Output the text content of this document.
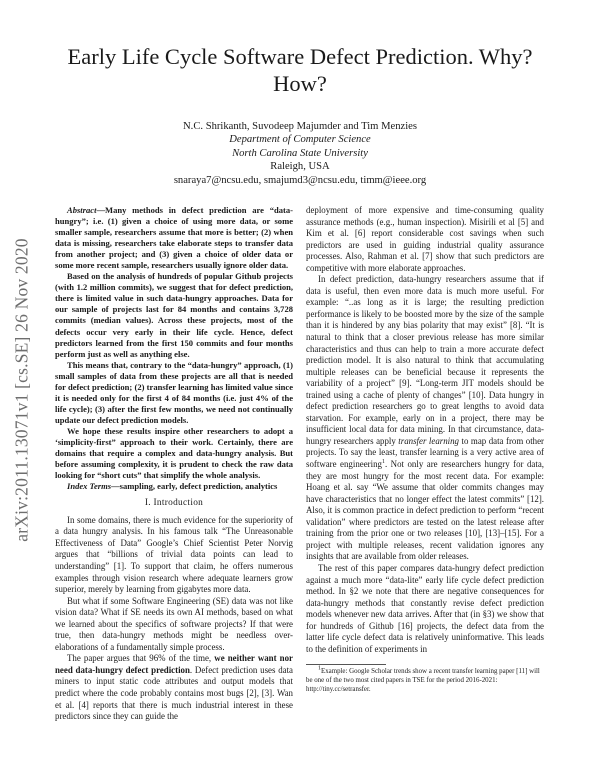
arXiv:2011.13071v1 [cs.SE] 26 Nov 2020
Early Life Cycle Software Defect Prediction. Why? How?
N.C. Shrikanth, Suvodeep Majumder and Tim Menzies
Department of Computer Science
North Carolina State University
Raleigh, USA
snaraya7@ncsu.edu, smajumd3@ncsu.edu, timm@ieee.org

Abstract—Many methods in defect prediction are “data-hungry”; i.e. (1) given a choice of using more data, or some smaller sample, researchers assume that more is better; (2) when data is missing, researchers take elaborate steps to transfer data from another project; and (3) given a choice of older data or some more recent sample, researchers usually ignore older data.

Based on the analysis of hundreds of popular Github projects (with 1.2 million commits), we suggest that for defect prediction, there is limited value in such data-hungry approaches. Data for our sample of projects last for 84 months and contains 3,728 commits (median values). Across these projects, most of the defects occur very early in their life cycle. Hence, defect predictors learned from the first 150 commits and four months perform just as well as anything else.

This means that, contrary to the “data-hungry” approach, (1) small samples of data from these projects are all that is needed for defect prediction; (2) transfer learning has limited value since it is needed only for the first 4 of 84 months (i.e. just 4% of the life cycle); (3) after the first few months, we need not continually update our defect prediction models.

We hope these results inspire other researchers to adopt a ‘simplicity-first” approach to their work. Certainly, there are domains that require a complex and data-hungry analysis. But before assuming complexity, it is prudent to check the raw data looking for “short cuts” that simplify the whole analysis.

Index Terms—sampling, early, defect prediction, analytics

I. Introduction

In some domains, there is much evidence for the superiority of a data hungry analysis. In his famous talk “The Unreasonable Effectiveness of Data” Google’s Chief Scientist Peter Norvig argues that “billions of trivial data points can lead to understanding” [1]. To support that claim, he offers numerous examples through vision research where adequate learners grow superior, merely by learning from gigabytes more data.

But what if some Software Engineering (SE) data was not like vision data? What if SE needs its own AI methods, based on what we learned about the specifics of software projects? If that were true, then data-hungry methods might be needless over-elaborations of a fundamentally simple process.

The paper argues that 96% of the time, we neither want nor need data-hungry defect prediction. Defect prediction uses data miners to input static code attributes and output models that predict where the code probably contains most bugs [2], [3]. Wan et al. [4] reports that there is much industrial interest in these predictors since they can guide the

deployment of more expensive and time-consuming quality assurance methods (e.g., human inspection). Misirili et al [5] and Kim et al. [6] report considerable cost savings when such predictors are used in guiding industrial quality assurance processes. Also, Rahman et al. [7] show that such predictors are competitive with more elaborate approaches.

In defect prediction, data-hungry researchers assume that if data is useful, then even more data is much more useful. For example: “..as long as it is large; the resulting prediction performance is likely to be boosted more by the size of the sample than it is hindered by any bias polarity that may exist” [8]. “It is natural to think that a closer previous release has more similar characteristics and thus can help to train a more accurate defect prediction model. It is also natural to think that accumulating multiple releases can be beneficial because it represents the variability of a project” [9]. “Long-term JIT models should be trained using a cache of plenty of changes” [10]. Data hungry in defect prediction researchers go to great lengths to avoid data starvation. For example, early on in a project, there may be insufficient local data for data mining. In that circumstance, data-hungry researchers apply transfer learning to map data from other projects. To say the least, transfer learning is a very active area of software engineering$^1$. Not only are researchers hungry for data, they are most hungry for the most recent data. For example: Hoang et al. say “We assume that older commits changes may have characteristics that no longer effect the latest commits” [12]. Also, it is common practice in defect prediction to perform “recent validation” where predictors are tested on the latest release after training from the prior one or two releases [10], [13]–[15]. For a project with multiple releases, recent validation ignores any insights that are available from older releases.

The rest of this paper compares data-hungry defect prediction against a much more “data-lite” early life cycle defect prediction method. In §2 we note that there are negative consequences for data-hungry methods that constantly revise defect prediction models whenever new data arrives. After that (in §3) we show that for hundreds of Github [16] projects, the defect data from the latter life cycle defect data is relatively uninformative. This leads to the definition of experiments in

$^1$Example: Google Scholar trends show a recent transfer learning paper [11] will be one of the two most cited papers in TSE for the period 2016-2021: http://tiny.cc/setransfer.
